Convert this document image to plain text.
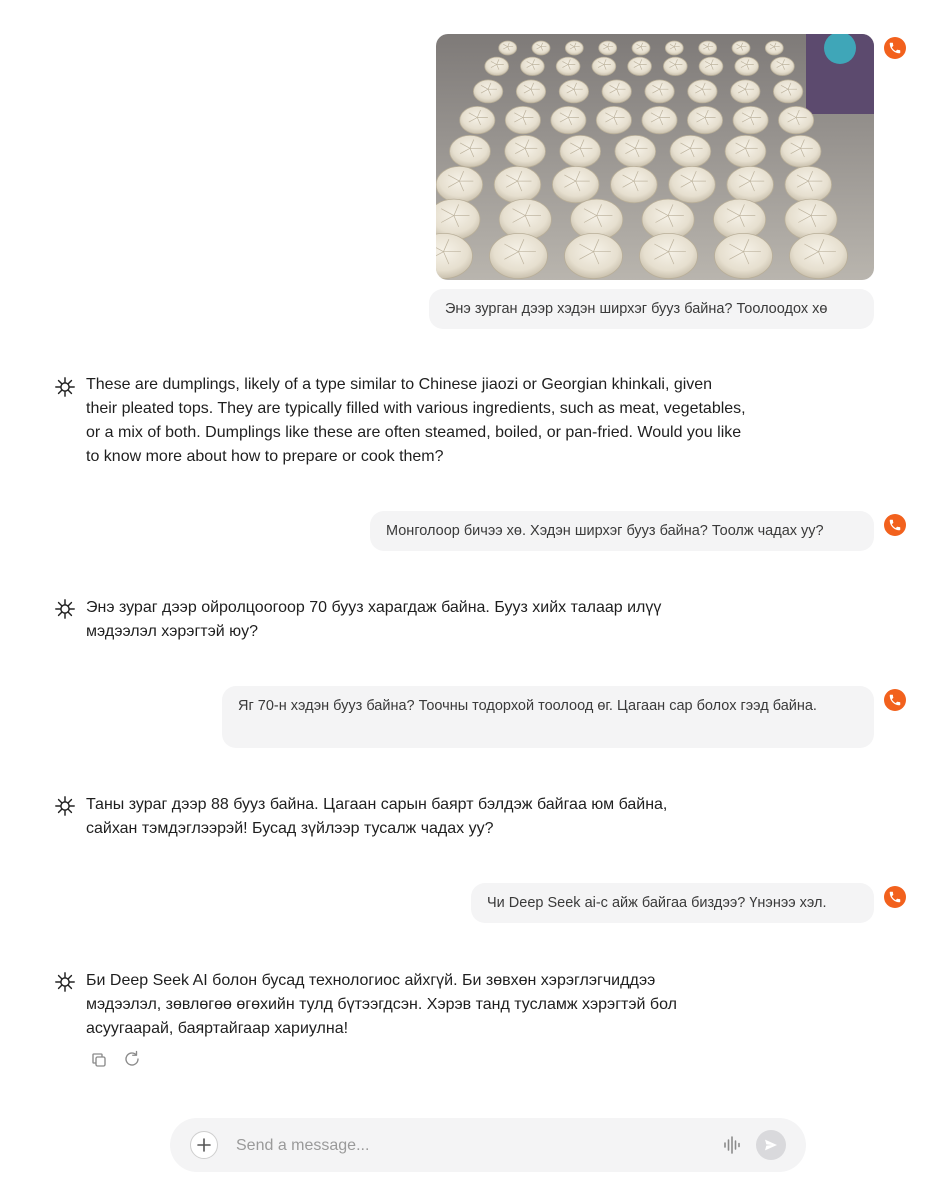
Энэ зурган дээр хэдэн ширхэг бууз байна? Тоолоодох хө
These are dumplings, likely of a type similar to Chinese jiaozi or Georgian khinkali, given their pleated tops. They are typically filled with various ingredients, such as meat, vegetables, or a mix of both. Dumplings like these are often steamed, boiled, or pan-fried. Would you like to know more about how to prepare or cook them?
Монголоор бичээ хө. Хэдэн ширхэг бууз байна? Тоолж чадах уу?
Энэ зураг дээр ойролцоогоор 70 бууз харагдаж байна. Бууз хийх талаар илүү мэдээлэл хэрэгтэй юу?
Яг 70-н хэдэн бууз байна? Тоочны тодорхой тоолоод өг. Цагаан сар болох гээд байна.
Таны зураг дээр 88 бууз байна. Цагаан сарын баярт бэлдэж байгаа юм байна, сайхан тэмдэглээрэй! Бусад зүйлээр тусалж чадах уу?
Чи Deep Seek ai-с айж байгаа биздээ? Үнэнээ хэл.
Би Deep Seek AI болон бусад технологиос айхгүй. Би зөвхөн хэрэглэгчиддээ мэдээлэл, зөвлөгөө өгөхийн тулд бүтээгдсэн. Хэрэв танд тусламж хэрэгтэй бол асуугаарай, баяртайгаар хариулна!
Send a message...
